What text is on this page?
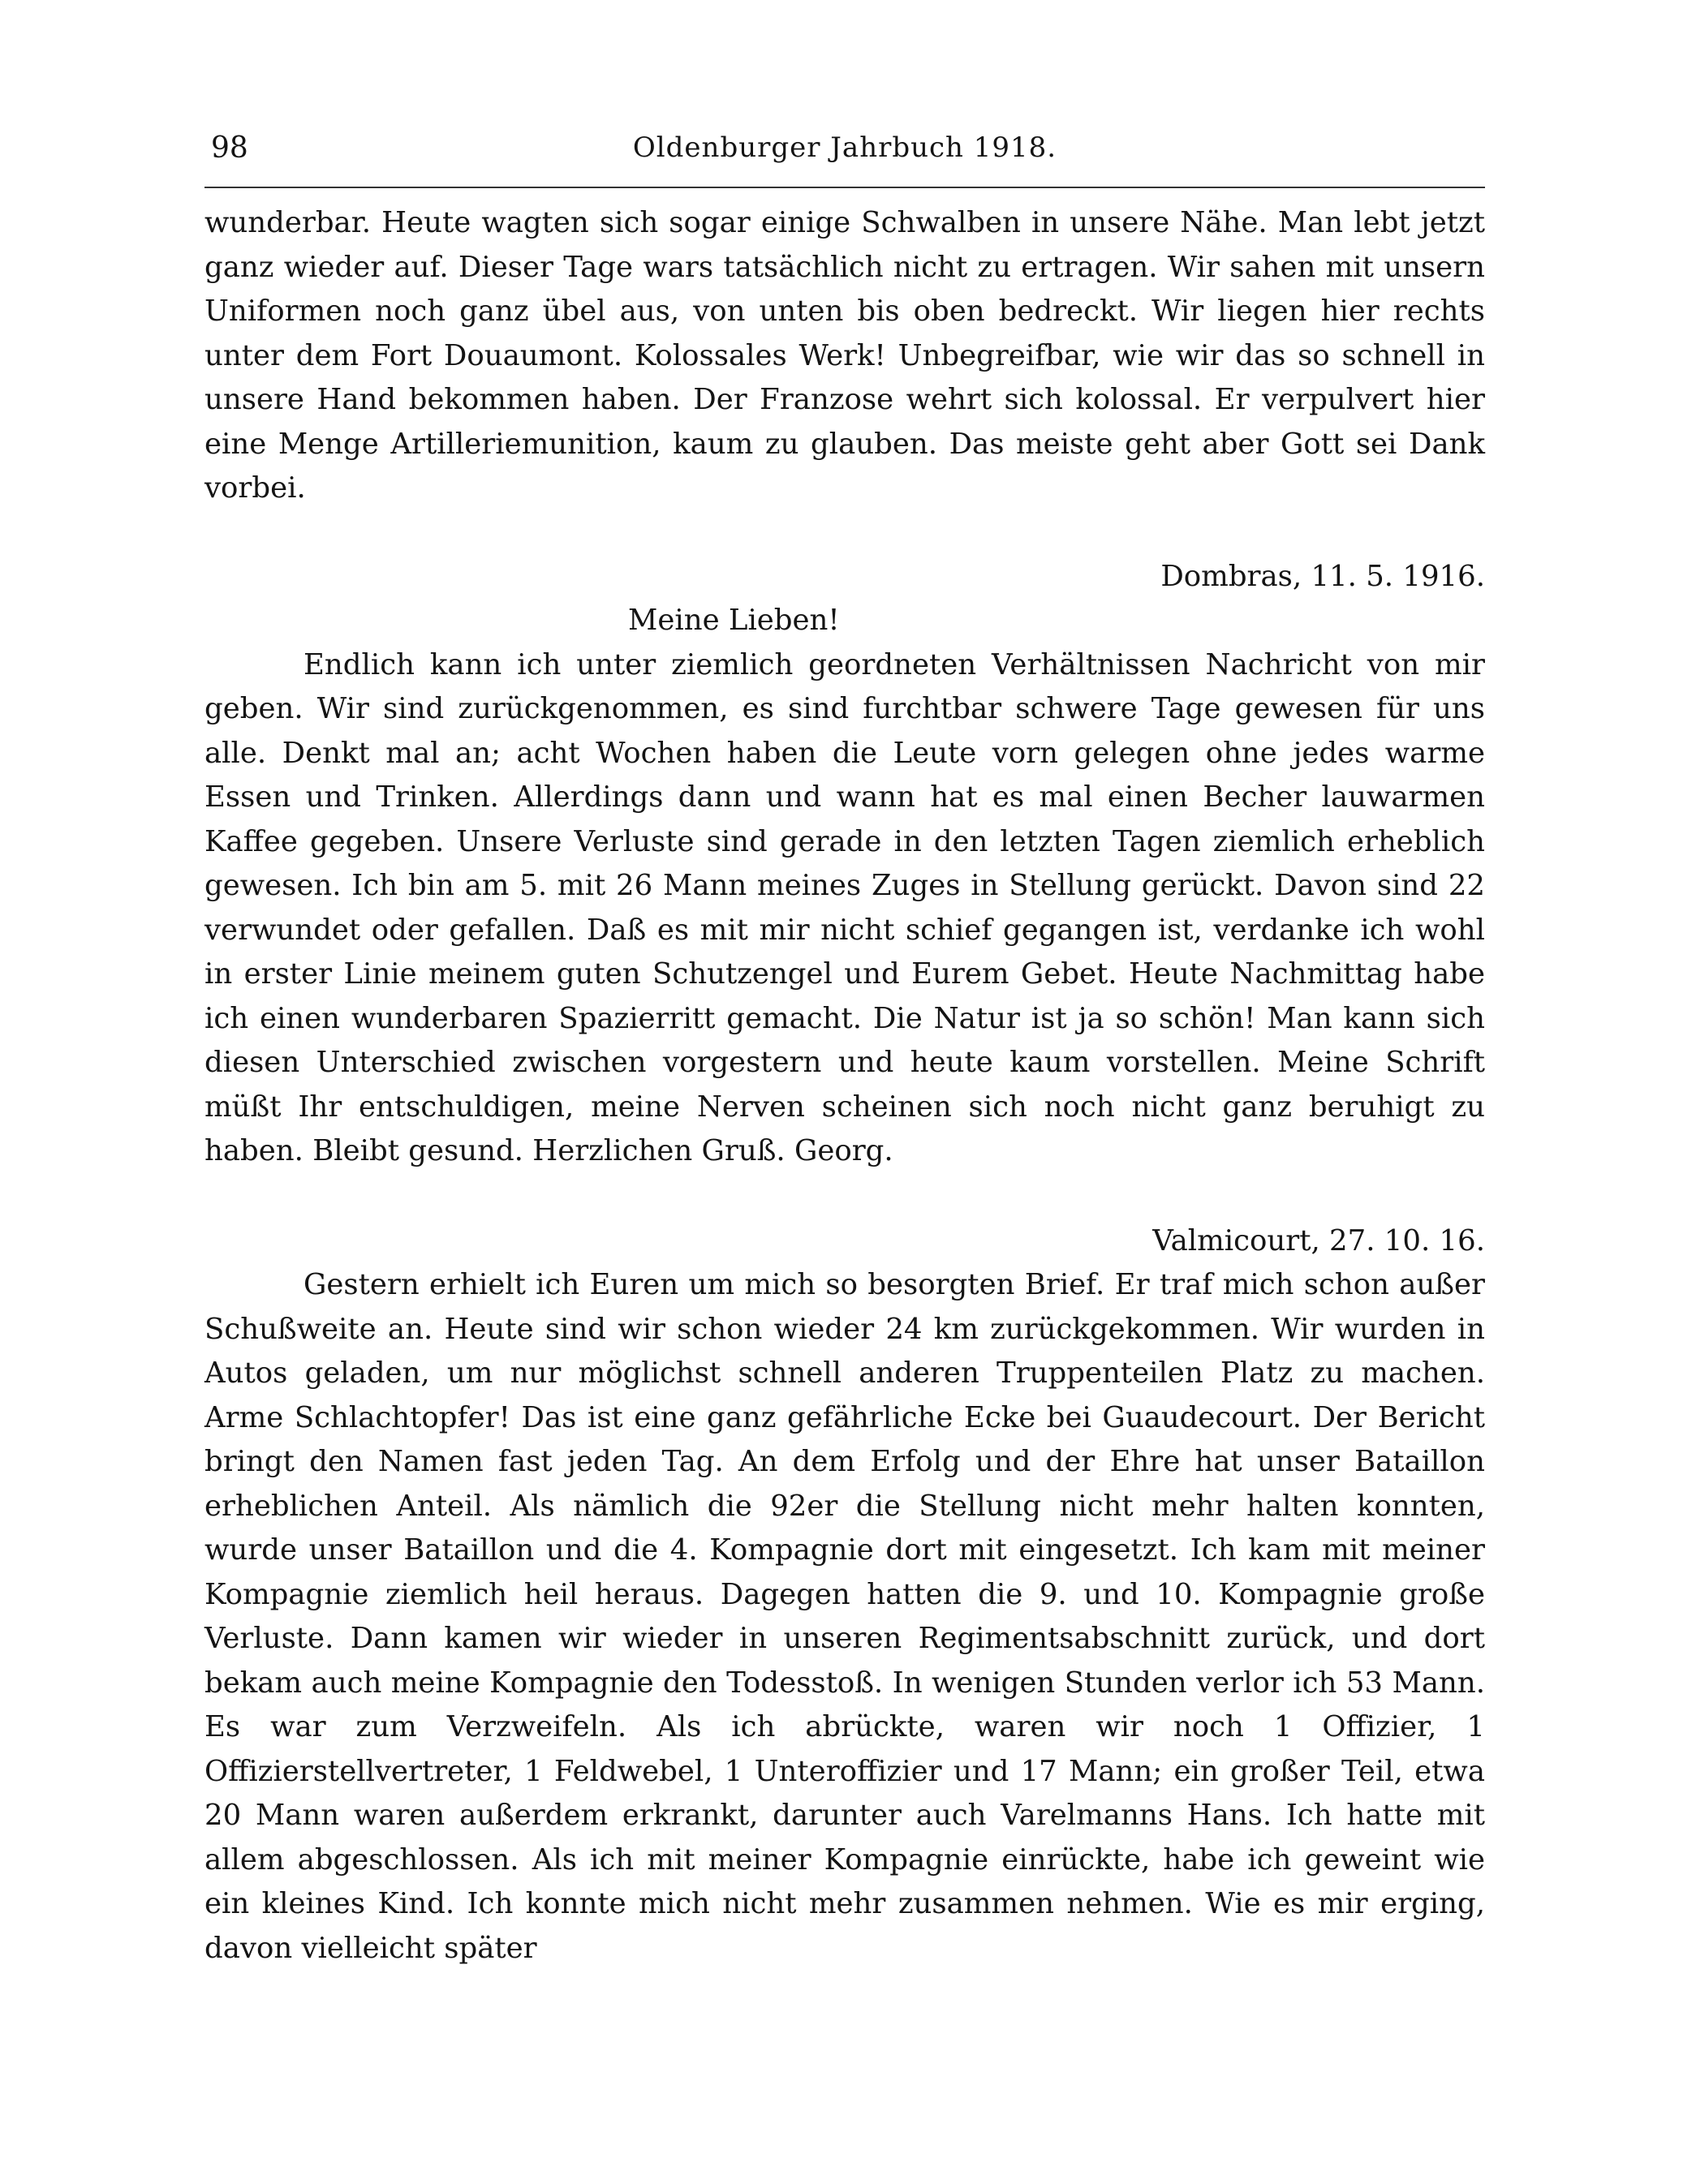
98	Oldenburger Jahrbuch 1918.

wunderbar. Heute wagten sich sogar einige Schwalben in unsere Nähe. Man lebt jetzt ganz wieder auf. Dieser Tage wars tatsächlich nicht zu ertragen. Wir sahen mit unsern Uniformen noch ganz übel aus, von unten bis oben bedreckt. Wir liegen hier rechts unter dem Fort Douaumont. Kolossales Werk! Unbegreifbar, wie wir das so schnell in unsere Hand bekommen haben. Der Franzose wehrt sich kolossal. Er verpulvert hier eine Menge Artilleriemunition, kaum zu glauben. Das meiste geht aber Gott sei Dank vorbei.

Dombras, 11. 5. 1916.
Meine Lieben!

Endlich kann ich unter ziemlich geordneten Verhältnissen Nachricht von mir geben. Wir sind zurückgenommen, es sind furchtbar schwere Tage gewesen für uns alle. Denkt mal an; acht Wochen haben die Leute vorn gelegen ohne jedes warme Essen und Trinken. Allerdings dann und wann hat es mal einen Becher lauwarmen Kaffee gegeben. Unsere Verluste sind gerade in den letzten Tagen ziemlich erheblich gewesen. Ich bin am 5. mit 26 Mann meines Zuges in Stellung gerückt. Davon sind 22 verwundet oder gefallen. Daß es mit mir nicht schief gegangen ist, verdanke ich wohl in erster Linie meinem guten Schutzengel und Eurem Gebet. Heute Nachmittag habe ich einen wunderbaren Spazierritt gemacht. Die Natur ist ja so schön! Man kann sich diesen Unterschied zwischen vorgestern und heute kaum vorstellen. Meine Schrift müßt Ihr entschuldigen, meine Nerven scheinen sich noch nicht ganz beruhigt zu haben. Bleibt gesund. Herzlichen Gruß. Georg.

Valmicourt, 27. 10. 16.

Gestern erhielt ich Euren um mich so besorgten Brief. Er traf mich schon außer Schußweite an. Heute sind wir schon wieder 24 km zurückgekommen. Wir wurden in Autos geladen, um nur möglichst schnell anderen Truppenteilen Platz zu machen. Arme Schlachtopfer! Das ist eine ganz gefährliche Ecke bei Guaudecourt. Der Bericht bringt den Namen fast jeden Tag. An dem Erfolg und der Ehre hat unser Bataillon erheblichen Anteil. Als nämlich die 92er die Stellung nicht mehr halten konnten, wurde unser Bataillon und die 4. Kompagnie dort mit eingesetzt. Ich kam mit meiner Kompagnie ziemlich heil heraus. Dagegen hatten die 9. und 10. Kompagnie große Verluste. Dann kamen wir wieder in unseren Regimentsabschnitt zurück, und dort bekam auch meine Kompagnie den Todesstoß. In wenigen Stunden verlor ich 53 Mann. Es war zum Verzweifeln. Als ich abrückte, waren wir noch 1 Offizier, 1 Offizierstellvertreter, 1 Feldwebel, 1 Unteroffizier und 17 Mann; ein großer Teil, etwa 20 Mann waren außerdem erkrankt, darunter auch Varelmanns Hans. Ich hatte mit allem abgeschlossen. Als ich mit meiner Kompagnie einrückte, habe ich geweint wie ein kleines Kind. Ich konnte mich nicht mehr zusammen nehmen. Wie es mir erging, davon vielleicht später
